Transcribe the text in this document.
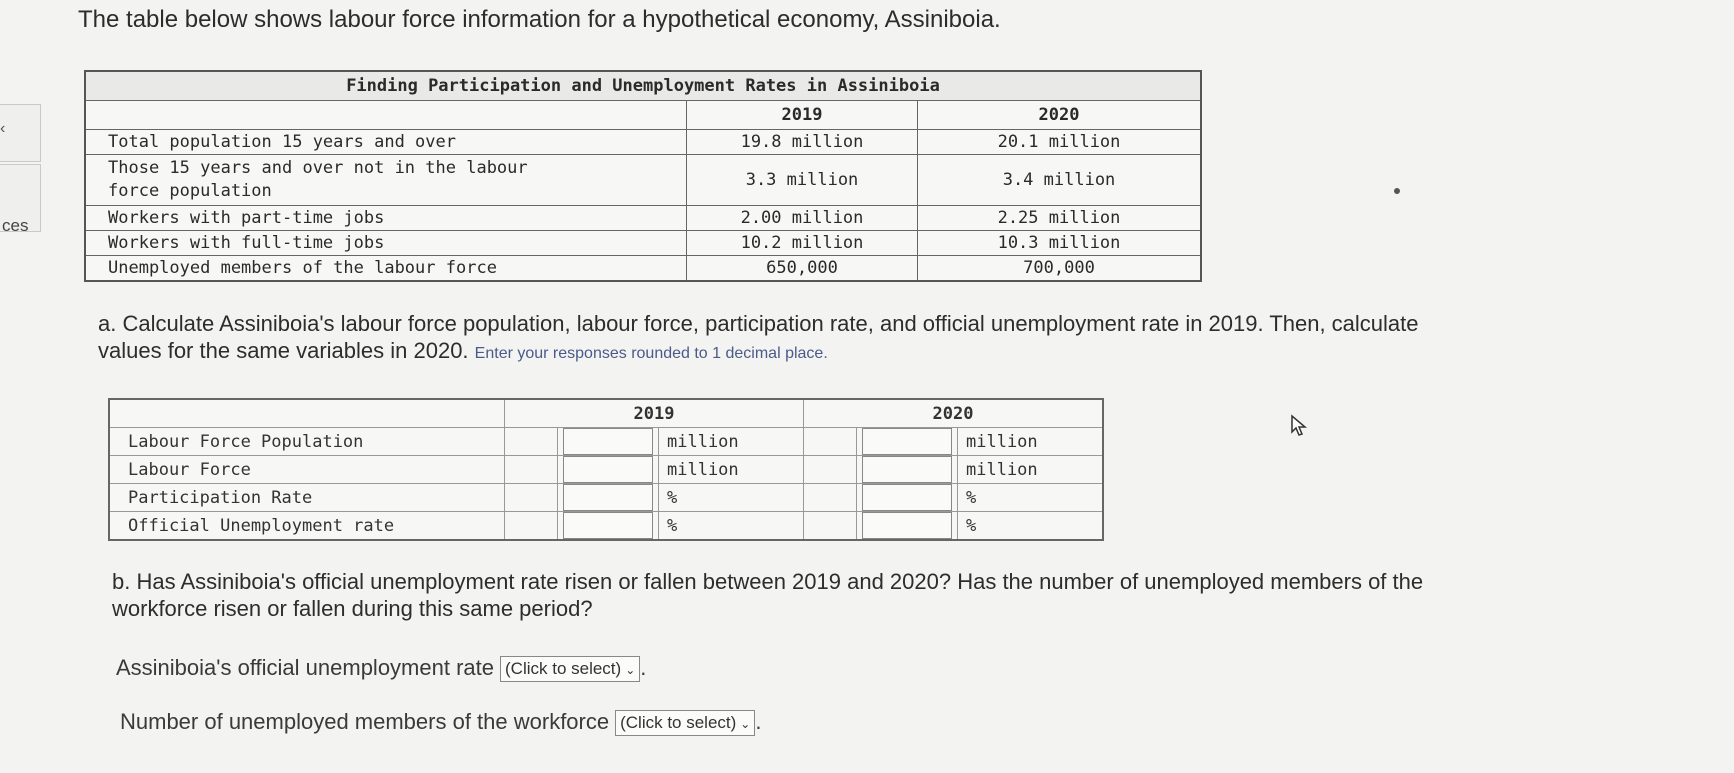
‹
ces
The table below shows labour force information for a hypothetical economy, Assiniboia.
Finding Participation and Unemployment Rates in Assiniboia		
	2019	2020
Total population 15 years and over	19.8 million	20.1 million
Those 15 years and over not in the labour force population	3.3 million	3.4 million
Workers with part-time jobs	2.00 million	2.25 million
Workers with full-time jobs	10.2 million	10.3 million
Unemployed members of the labour force	650,000	700,000
a. Calculate Assiniboia's labour force population, labour force, participation rate, and official unemployment rate in 2019. Then, calculate values for the same variables in 2020. Enter your responses rounded to 1 decimal place.
	2019			2020		
Labour Force Population			million			million
Labour Force			million			million
Participation Rate			%			%
Official Unemployment rate			%			%
b. Has Assiniboia's official unemployment rate risen or fallen between 2019 and 2020? Has the number of unemployed members of the workforce risen or fallen during this same period?
Assiniboia's official unemployment rate (Click to select) ⌄ .
Number of unemployed members of the workforce (Click to select) ⌄ .
